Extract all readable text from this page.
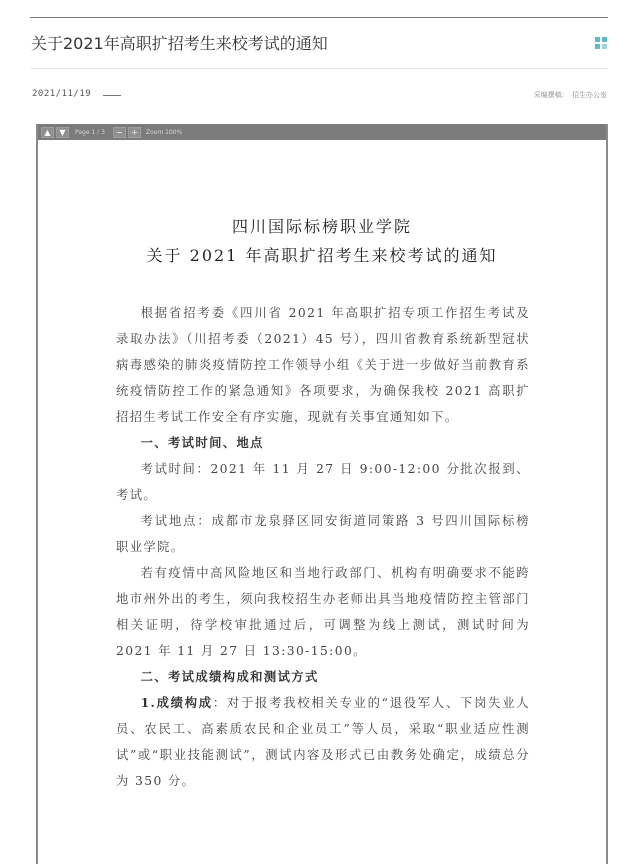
关于2021年高职扩招考生来校考试的通知
2021/11/19	采编撰稿: 招生办公室
▲	▼	Page 1 / 3	−	+	Zoom 100%
四川国际标榜职业学院
关于 2021 年高职扩招考生来校考试的通知

根据省招考委《四川省 2021 年高职扩招专项工作招生考试及录取办法》（川招考委（2021）45 号），四川省教育系统新型冠状病毒感染的肺炎疫情防控工作领导小组《关于进一步做好当前教育系统疫情防控工作的紧急通知》各项要求，为确保我校 2021 高职扩招招生考试工作安全有序实施，现就有关事宜通知如下。

一、考试时间、地点

考试时间：2021 年 11 月 27 日 9:00-12:00 分批次报到、考试。

考试地点：成都市龙泉驿区同安街道同策路 3 号四川国际标榜职业学院。

若有疫情中高风险地区和当地行政部门、机构有明确要求不能跨地市州外出的考生，须向我校招生办老师出具当地疫情防控主管部门相关证明，待学校审批通过后，可调整为线上测试，测试时间为 2021 年 11 月 27 日 13:30-15:00。

二、考试成绩构成和测试方式

1.成绩构成：对于报考我校相关专业的“退役军人、下岗失业人员、农民工、高素质农民和企业员工”等人员，采取“职业适应性测试”或“职业技能测试”，测试内容及形式已由教务处确定，成绩总分为 350 分。
